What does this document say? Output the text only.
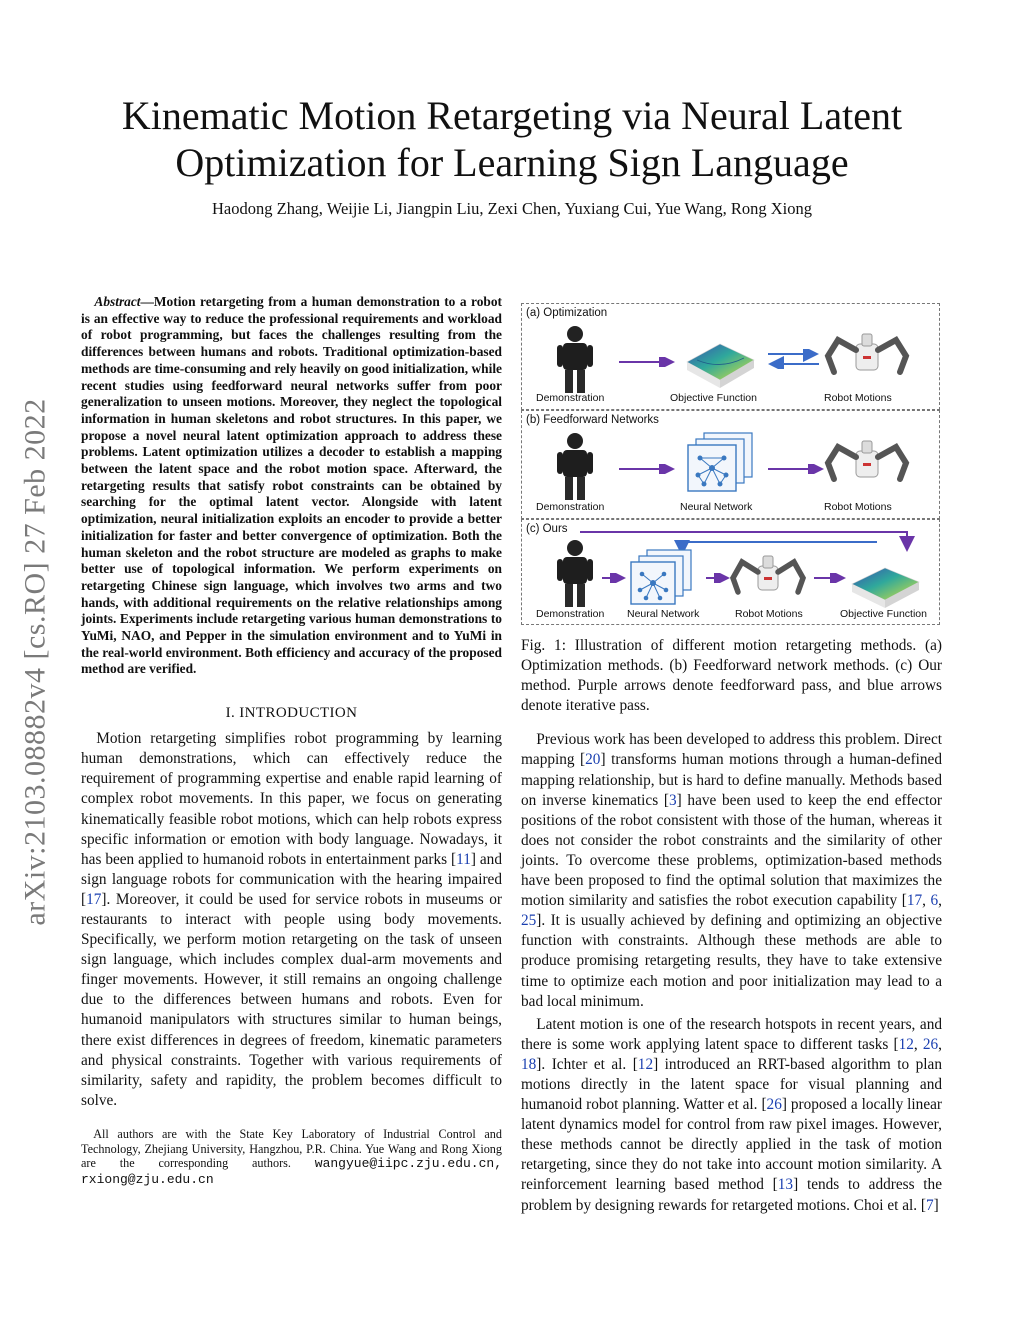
arXiv:2103.08882v4 [cs.RO] 27 Feb 2022
Kinematic Motion Retargeting via Neural Latent
Optimization for Learning Sign Language
Haodong Zhang, Weijie Li, Jiangpin Liu, Zexi Chen, Yuxiang Cui, Yue Wang, Rong Xiong

Abstract—Motion retargeting from a human demonstration to a robot is an effective way to reduce the professional requirements and workload of robot programming, but faces the challenges resulting from the differences between humans and robots. Traditional optimization-based methods are time-consuming and rely heavily on good initialization, while recent studies using feedforward neural networks suffer from poor generalization to unseen motions. Moreover, they neglect the topological information in human skeletons and robot structures. In this paper, we propose a novel neural latent optimization approach to address these problems. Latent optimization utilizes a decoder to establish a mapping between the latent space and the robot motion space. Afterward, the retargeting results that satisfy robot constraints can be obtained by searching for the optimal latent vector. Alongside with latent optimization, neural initialization exploits an encoder to provide a better initialization for faster and better convergence of optimization. Both the human skeleton and the robot structure are modeled as graphs to make better use of topological information. We perform experiments on retargeting Chinese sign language, which involves two arms and two hands, with additional requirements on the relative relationships among joints. Experiments include retargeting various human demonstrations to YuMi, NAO, and Pepper in the simulation environment and to YuMi in the real-world environment. Both efficiency and accuracy of the proposed method are verified.

I. INTRODUCTION

Motion retargeting simplifies robot programming by learning human demonstrations, which can effectively reduce the requirement of programming expertise and enable rapid learning of complex robot movements. In this paper, we focus on generating kinematically feasible robot motions, which can help robots express specific information or emotion with body language. Nowadays, it has been applied to humanoid robots in entertainment parks [11] and sign language robots for communication with the hearing impaired [17]. Moreover, it could be used for service robots in museums or restaurants to interact with people using body movements. Specifically, we perform motion retargeting on the task of unseen sign language, which includes complex dual-arm movements and finger movements. However, it still remains an ongoing challenge due to the differences between humans and robots. Even for humanoid manipulators with structures similar to human beings, there exist differences in degrees of freedom, kinematic parameters and physical constraints. Together with various requirements of similarity, safety and rapidity, the problem becomes difficult to solve.

All authors are with the State Key Laboratory of Industrial Control and Technology, Zhejiang University, Hangzhou, P.R. China. Yue Wang and Rong Xiong are the corresponding authors. wangyue@iipc.zju.edu.cn, rxiong@zju.edu.cn
(a) Optimization
Demonstration	Objective Function	Robot Motions
(b) Feedforward Networks
Demonstration	Neural Network	Robot Motions
(c) Ours
Demonstration Neural Network	Robot Motions	Objective Function

Fig. 1: Illustration of different motion retargeting methods. (a) Optimization methods. (b) Feedforward network methods. (c) Our method. Purple arrows denote feedforward pass, and blue arrows denote iterative pass.

Previous work has been developed to address this problem. Direct mapping [20] transforms human motions through a human-defined mapping relationship, but is hard to define manually. Methods based on inverse kinematics [3] have been used to keep the end effector positions of the robot consistent with those of the human, whereas it does not consider the robot constraints and the similarity of other joints. To overcome these problems, optimization-based methods have been proposed to find the optimal solution that maximizes the motion similarity and satisfies the robot execution capability [17, 6, 25]. It is usually achieved by defining and optimizing an objective function with constraints. Although these methods are able to produce promising retargeting results, they have to take extensive time to optimize each motion and poor initialization may lead to a bad local minimum.

Latent motion is one of the research hotspots in recent years, and there is some work applying latent space to different tasks [12, 26, 18]. Ichter et al. [12] introduced an RRT-based algorithm to plan motions directly in the latent space for visual planning and humanoid robot planning. Watter et al. [26] proposed a locally linear latent dynamics model for control from raw pixel images. However, these methods cannot be directly applied in the task of motion retargeting, since they do not take into account motion similarity. A reinforcement learning based method [13] tends to address the problem by designing rewards for retargeted motions. Choi et al. [7]
